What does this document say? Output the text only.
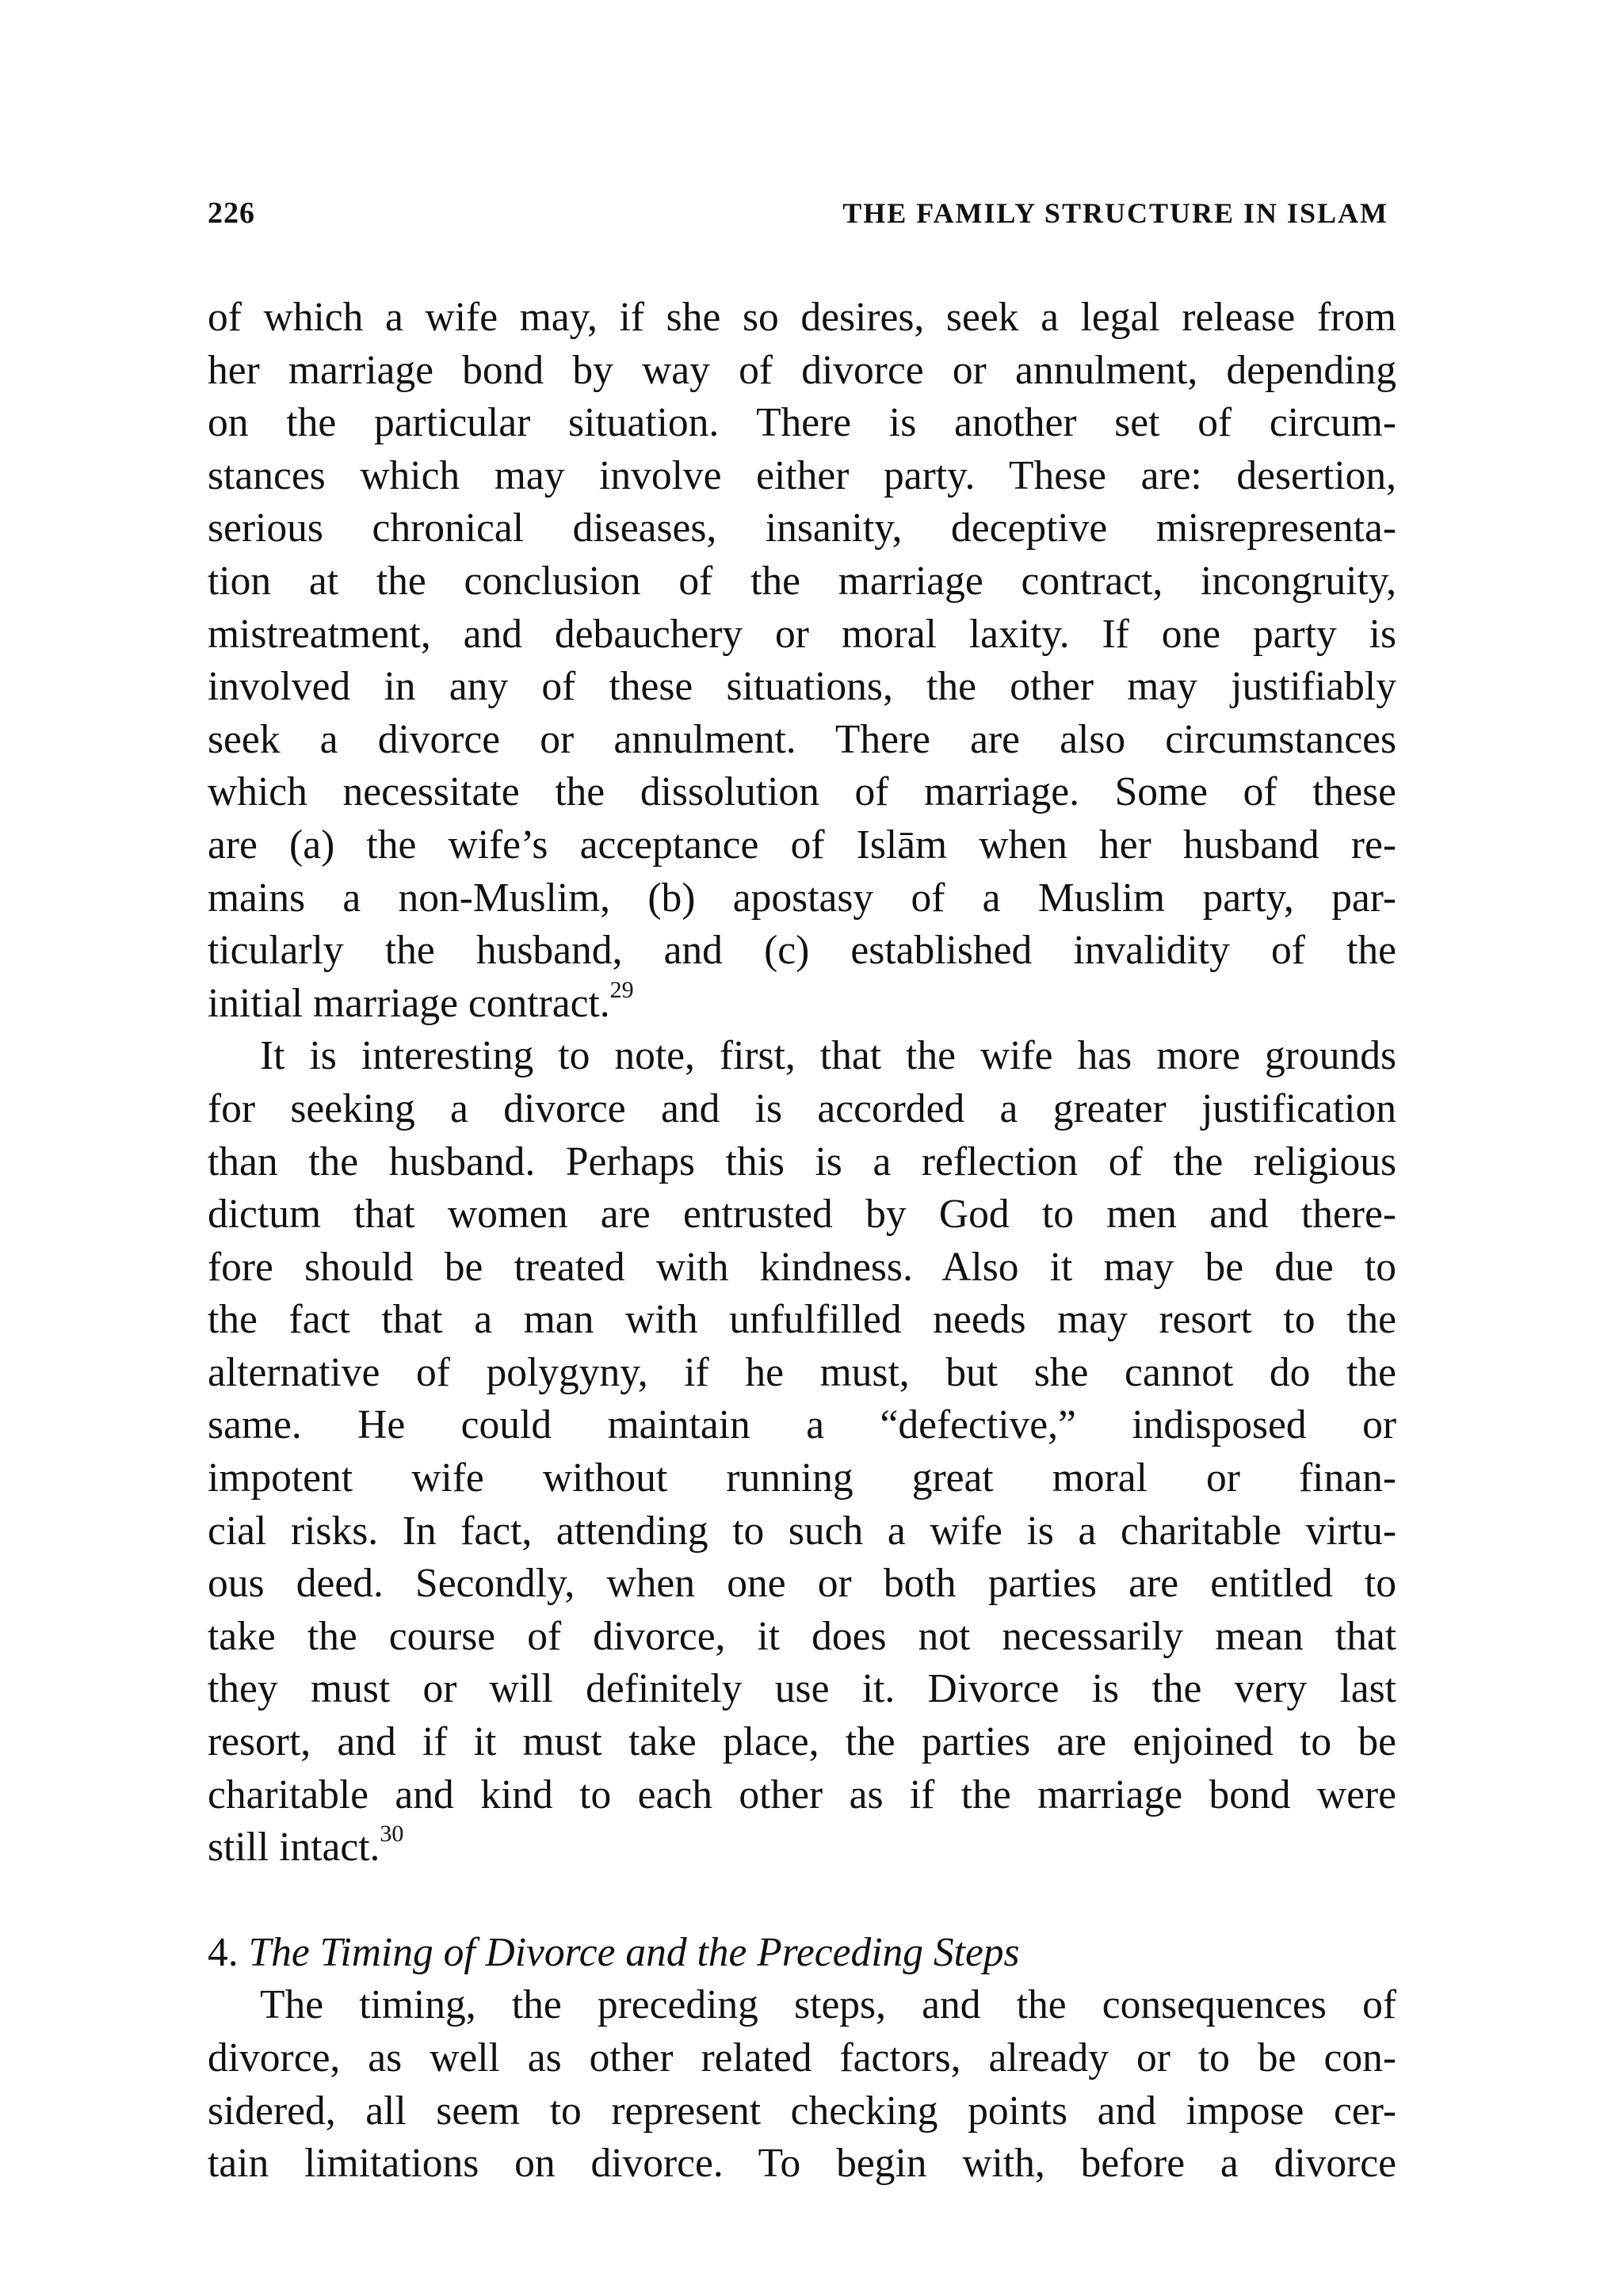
226	THE FAMILY STRUCTURE IN ISLAM

of which a wife may, if she so desires, seek a legal release from

her marriage bond by way of divorce or annulment, depending

on the particular situation. There is another set of circum-

stances which may involve either party. These are: desertion,

serious chronical diseases, insanity, deceptive misrepresenta-

tion at the conclusion of the marriage contract, incongruity,

mistreatment, and debauchery or moral laxity. If one party is

involved in any of these situations, the other may justifiably

seek a divorce or annulment. There are also circumstances

which necessitate the dissolution of marriage. Some of these

are (a) the wife’s acceptance of Islām when her husband re-

mains a non-Muslim, (b) apostasy of a Muslim party, par-

ticularly the husband, and (c) established invalidity of the

initial marriage contract.$^{29}$

It is interesting to note, first, that the wife has more grounds

for seeking a divorce and is accorded a greater justification

than the husband. Perhaps this is a reflection of the religious

dictum that women are entrusted by God to men and there-

fore should be treated with kindness. Also it may be due to

the fact that a man with unfulfilled needs may resort to the

alternative of polygyny, if he must, but she cannot do the

same. He could maintain a “defective,” indisposed or

impotent wife without running great moral or finan-

cial risks. In fact, attending to such a wife is a charitable virtu-

ous deed. Secondly, when one or both parties are entitled to

take the course of divorce, it does not necessarily mean that

they must or will definitely use it. Divorce is the very last

resort, and if it must take place, the parties are enjoined to be

charitable and kind to each other as if the marriage bond were

still intact.$^{30}$

4. The Timing of Divorce and the Preceding Steps

The timing, the preceding steps, and the consequences of

divorce, as well as other related factors, already or to be con-

sidered, all seem to represent checking points and impose cer-

tain limitations on divorce. To begin with, before a divorce
